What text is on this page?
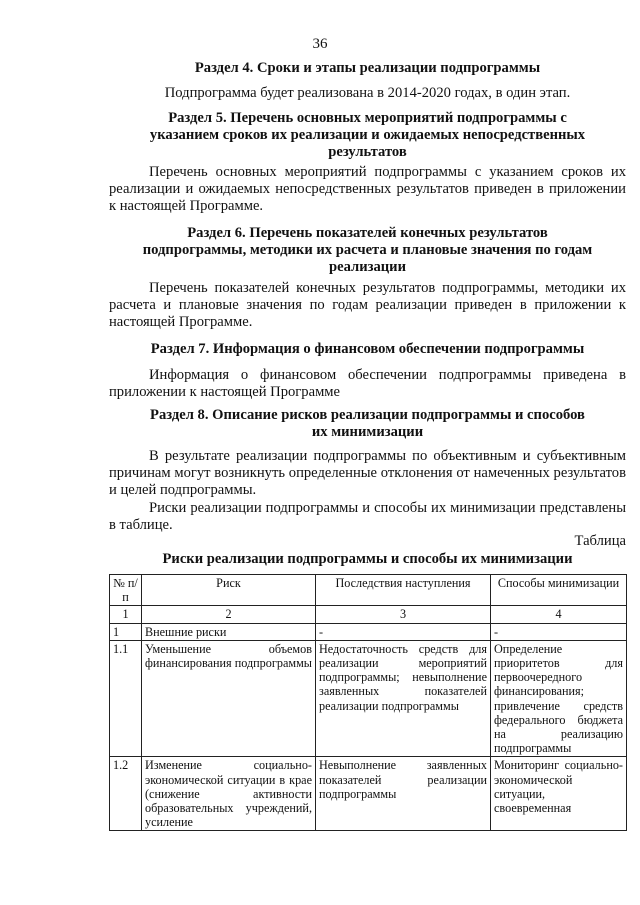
36
Раздел 4. Сроки и этапы реализации подпрограммы
Подпрограмма будет реализована в 2014-2020 годах, в один этап.
Раздел 5. Перечень основных мероприятий подпрограммы с
указанием сроков их реализации и ожидаемых непосредственных
результатов
Перечень основных мероприятий подпрограммы с указанием сроков их реализации и ожидаемых непосредственных результатов приведен в приложении к настоящей Программе.
Раздел 6. Перечень показателей конечных результатов
подпрограммы, методики их расчета и плановые значения по годам
реализации
Перечень показателей конечных результатов подпрограммы, методики их расчета и плановые значения по годам реализации приведен в приложении к настоящей Программе.
Раздел 7. Информация о финансовом обеспечении подпрограммы
Информация о финансовом обеспечении подпрограммы приведена в приложении к настоящей Программе
Раздел 8. Описание рисков реализации подпрограммы и способов
их минимизации
В результате реализации подпрограммы по объективным и субъективным причинам могут возникнуть определенные отклонения от намеченных результатов и целей подпрограммы.
Риски реализации подпрограммы и способы их минимизации представлены в таблице.
Таблица
Риски реализации подпрограммы и способы их минимизации
№ п/п	Риск	Последствия наступления	Способы минимизации
1	2	3	4
1	Внешние риски	-	-
1.1	Уменьшение объемов финансирования подпрограммы	Недостаточность средств для реализации мероприятий подпрограммы; невыполнение заявленных показателей реализации подпрограммы	Определение приоритетов для первоочередного финансирования; привлечение средств федерального бюджета на реализацию подпрограммы
1.2	Изменение социально-экономической ситуации в крае (снижение активности образовательных учреждений, усиление	Невыполнение заявленных показателей реализации подпрограммы	Мониторинг социально-экономической ситуации, своевременная
